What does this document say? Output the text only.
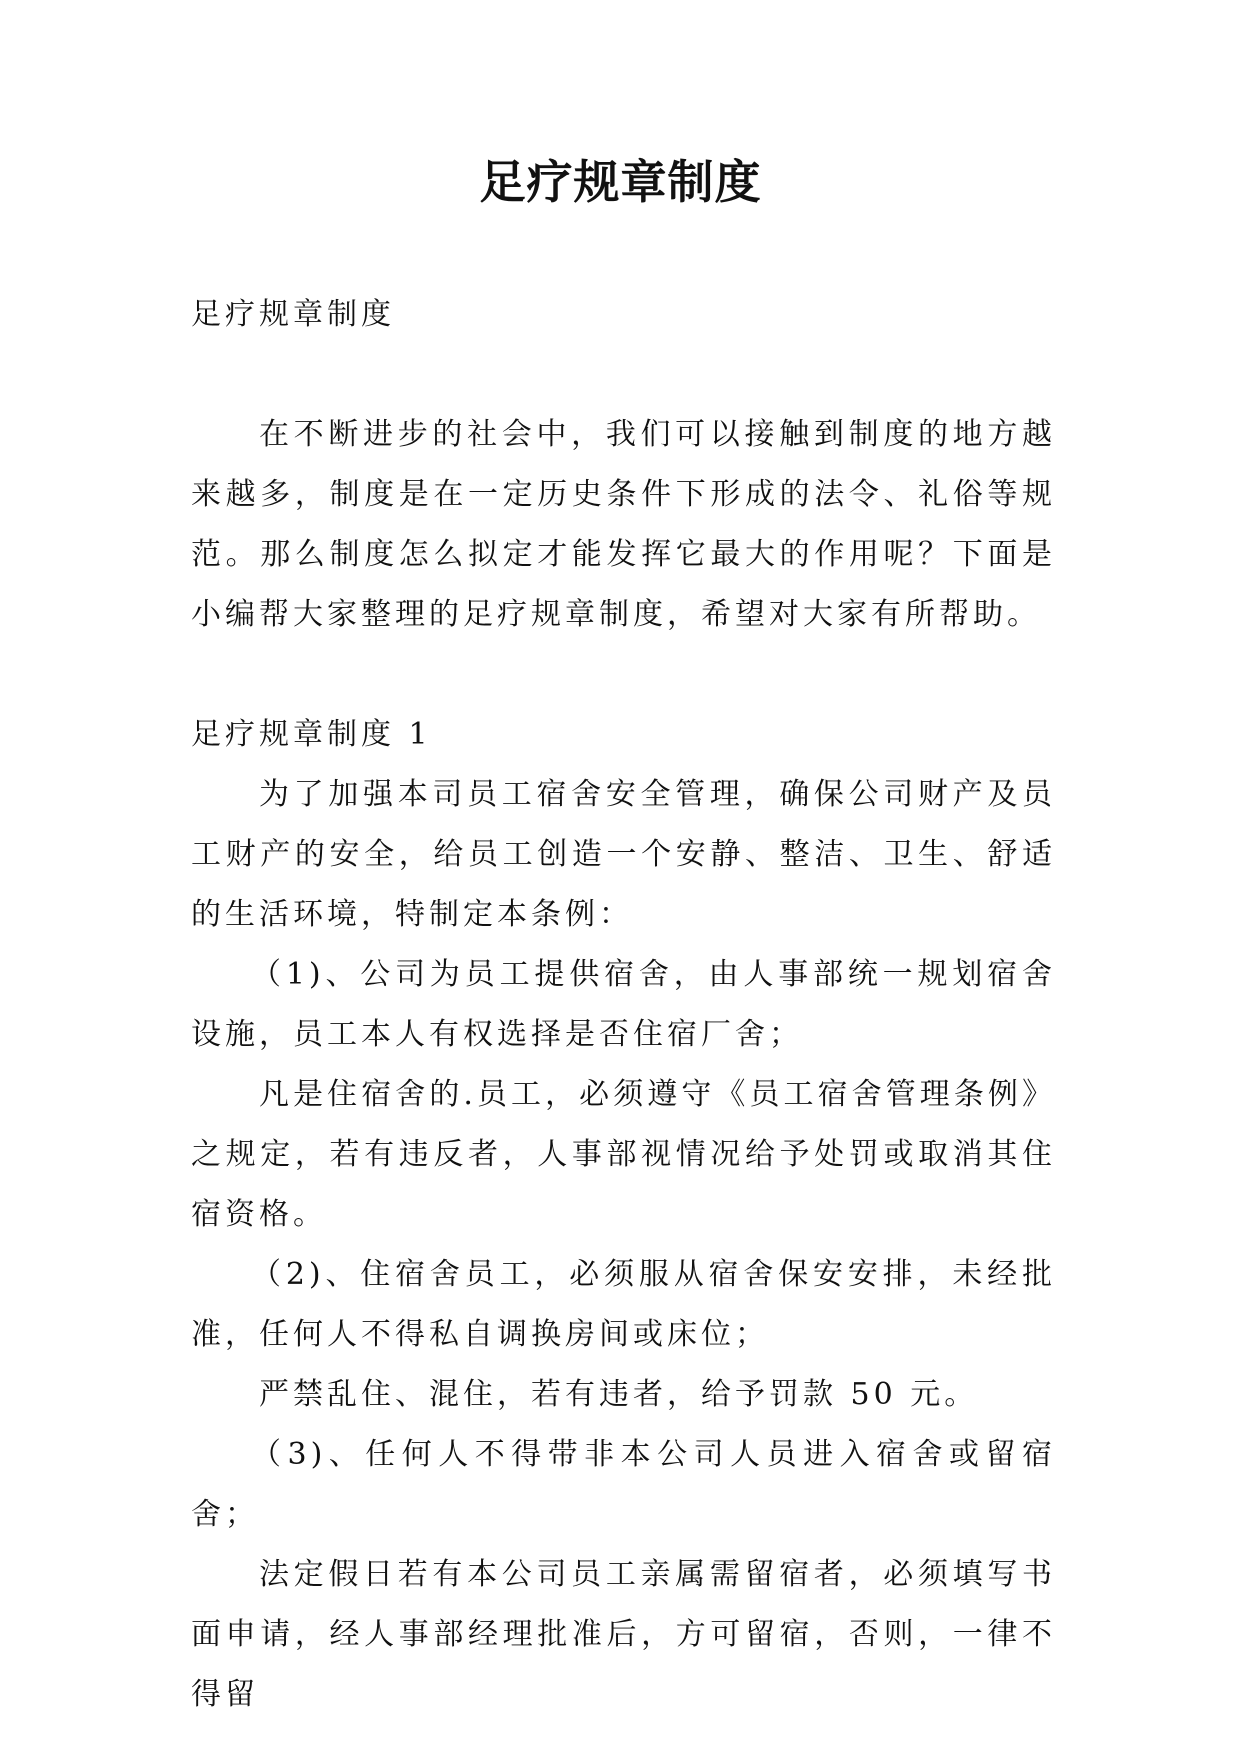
足疗规章制度

足疗规章制度

在不断进步的社会中，我们可以接触到制度的地方越来越多，制度是在一定历史条件下形成的法令、礼俗等规范。那么制度怎么拟定才能发挥它最大的作用呢？下面是小编帮大家整理的足疗规章制度，希望对大家有所帮助。

足疗规章制度 1

为了加强本司员工宿舍安全管理，确保公司财产及员工财产的安全，给员工创造一个安静、整洁、卫生、舒适的生活环境，特制定本条例：

（1)、公司为员工提供宿舍，由人事部统一规划宿舍设施，员工本人有权选择是否住宿厂舍；

凡是住宿舍的.员工，必须遵守《员工宿舍管理条例》之规定，若有违反者，人事部视情况给予处罚或取消其住宿资格。

（2)、住宿舍员工，必须服从宿舍保安安排，未经批准，任何人不得私自调换房间或床位；

严禁乱住、混住，若有违者，给予罚款 50 元。

（3)、任何人不得带非本公司人员进入宿舍或留宿舍；

法定假日若有本公司员工亲属需留宿者，必须填写书面申请，经人事部经理批准后，方可留宿，否则，一律不得留
